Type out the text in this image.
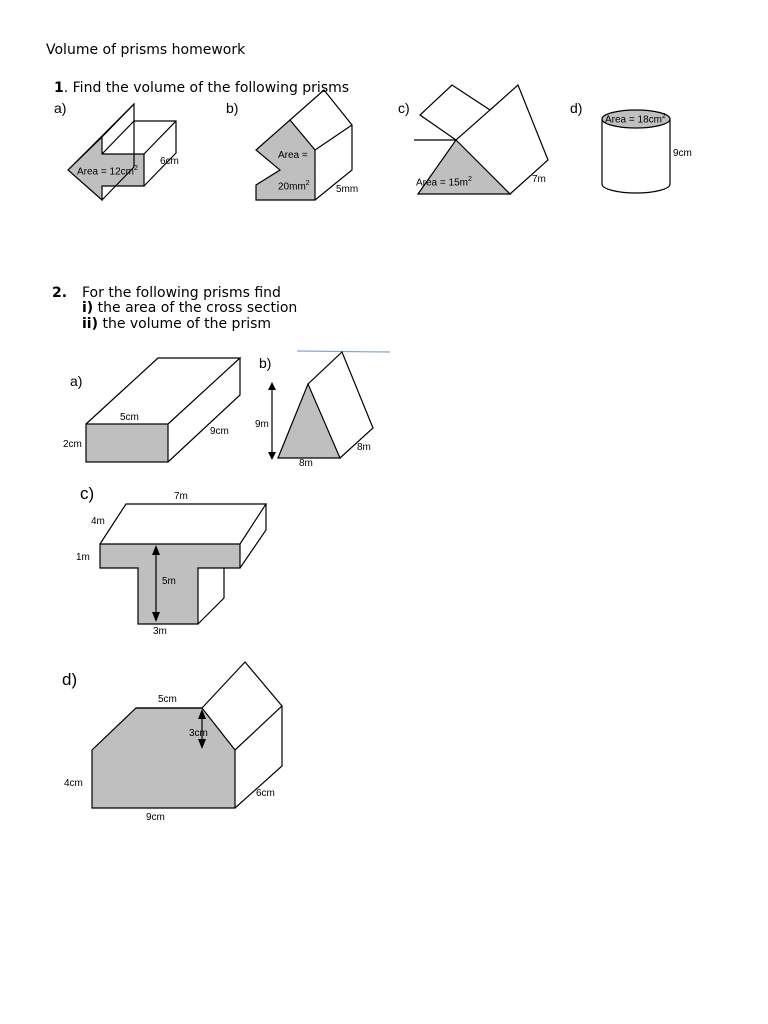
Volume of prisms homework
1. Find the volume of the following prisms
a)	b)	c)	d)
Area = $12cm^2$
6cm
Area =
$20mm^2$
5mm
Area = $15m^2$	7m
Area = $18cm^2$
9cm
2. For the following prisms find
i) the area of the cross section
ii) the volume of the prism
a)
5cm
2cm
9cm
b)
9m
8m
8m
c)	7m
4m
1m
5m
3m
d)
5cm
3cm
4cm
9cm
6cm
